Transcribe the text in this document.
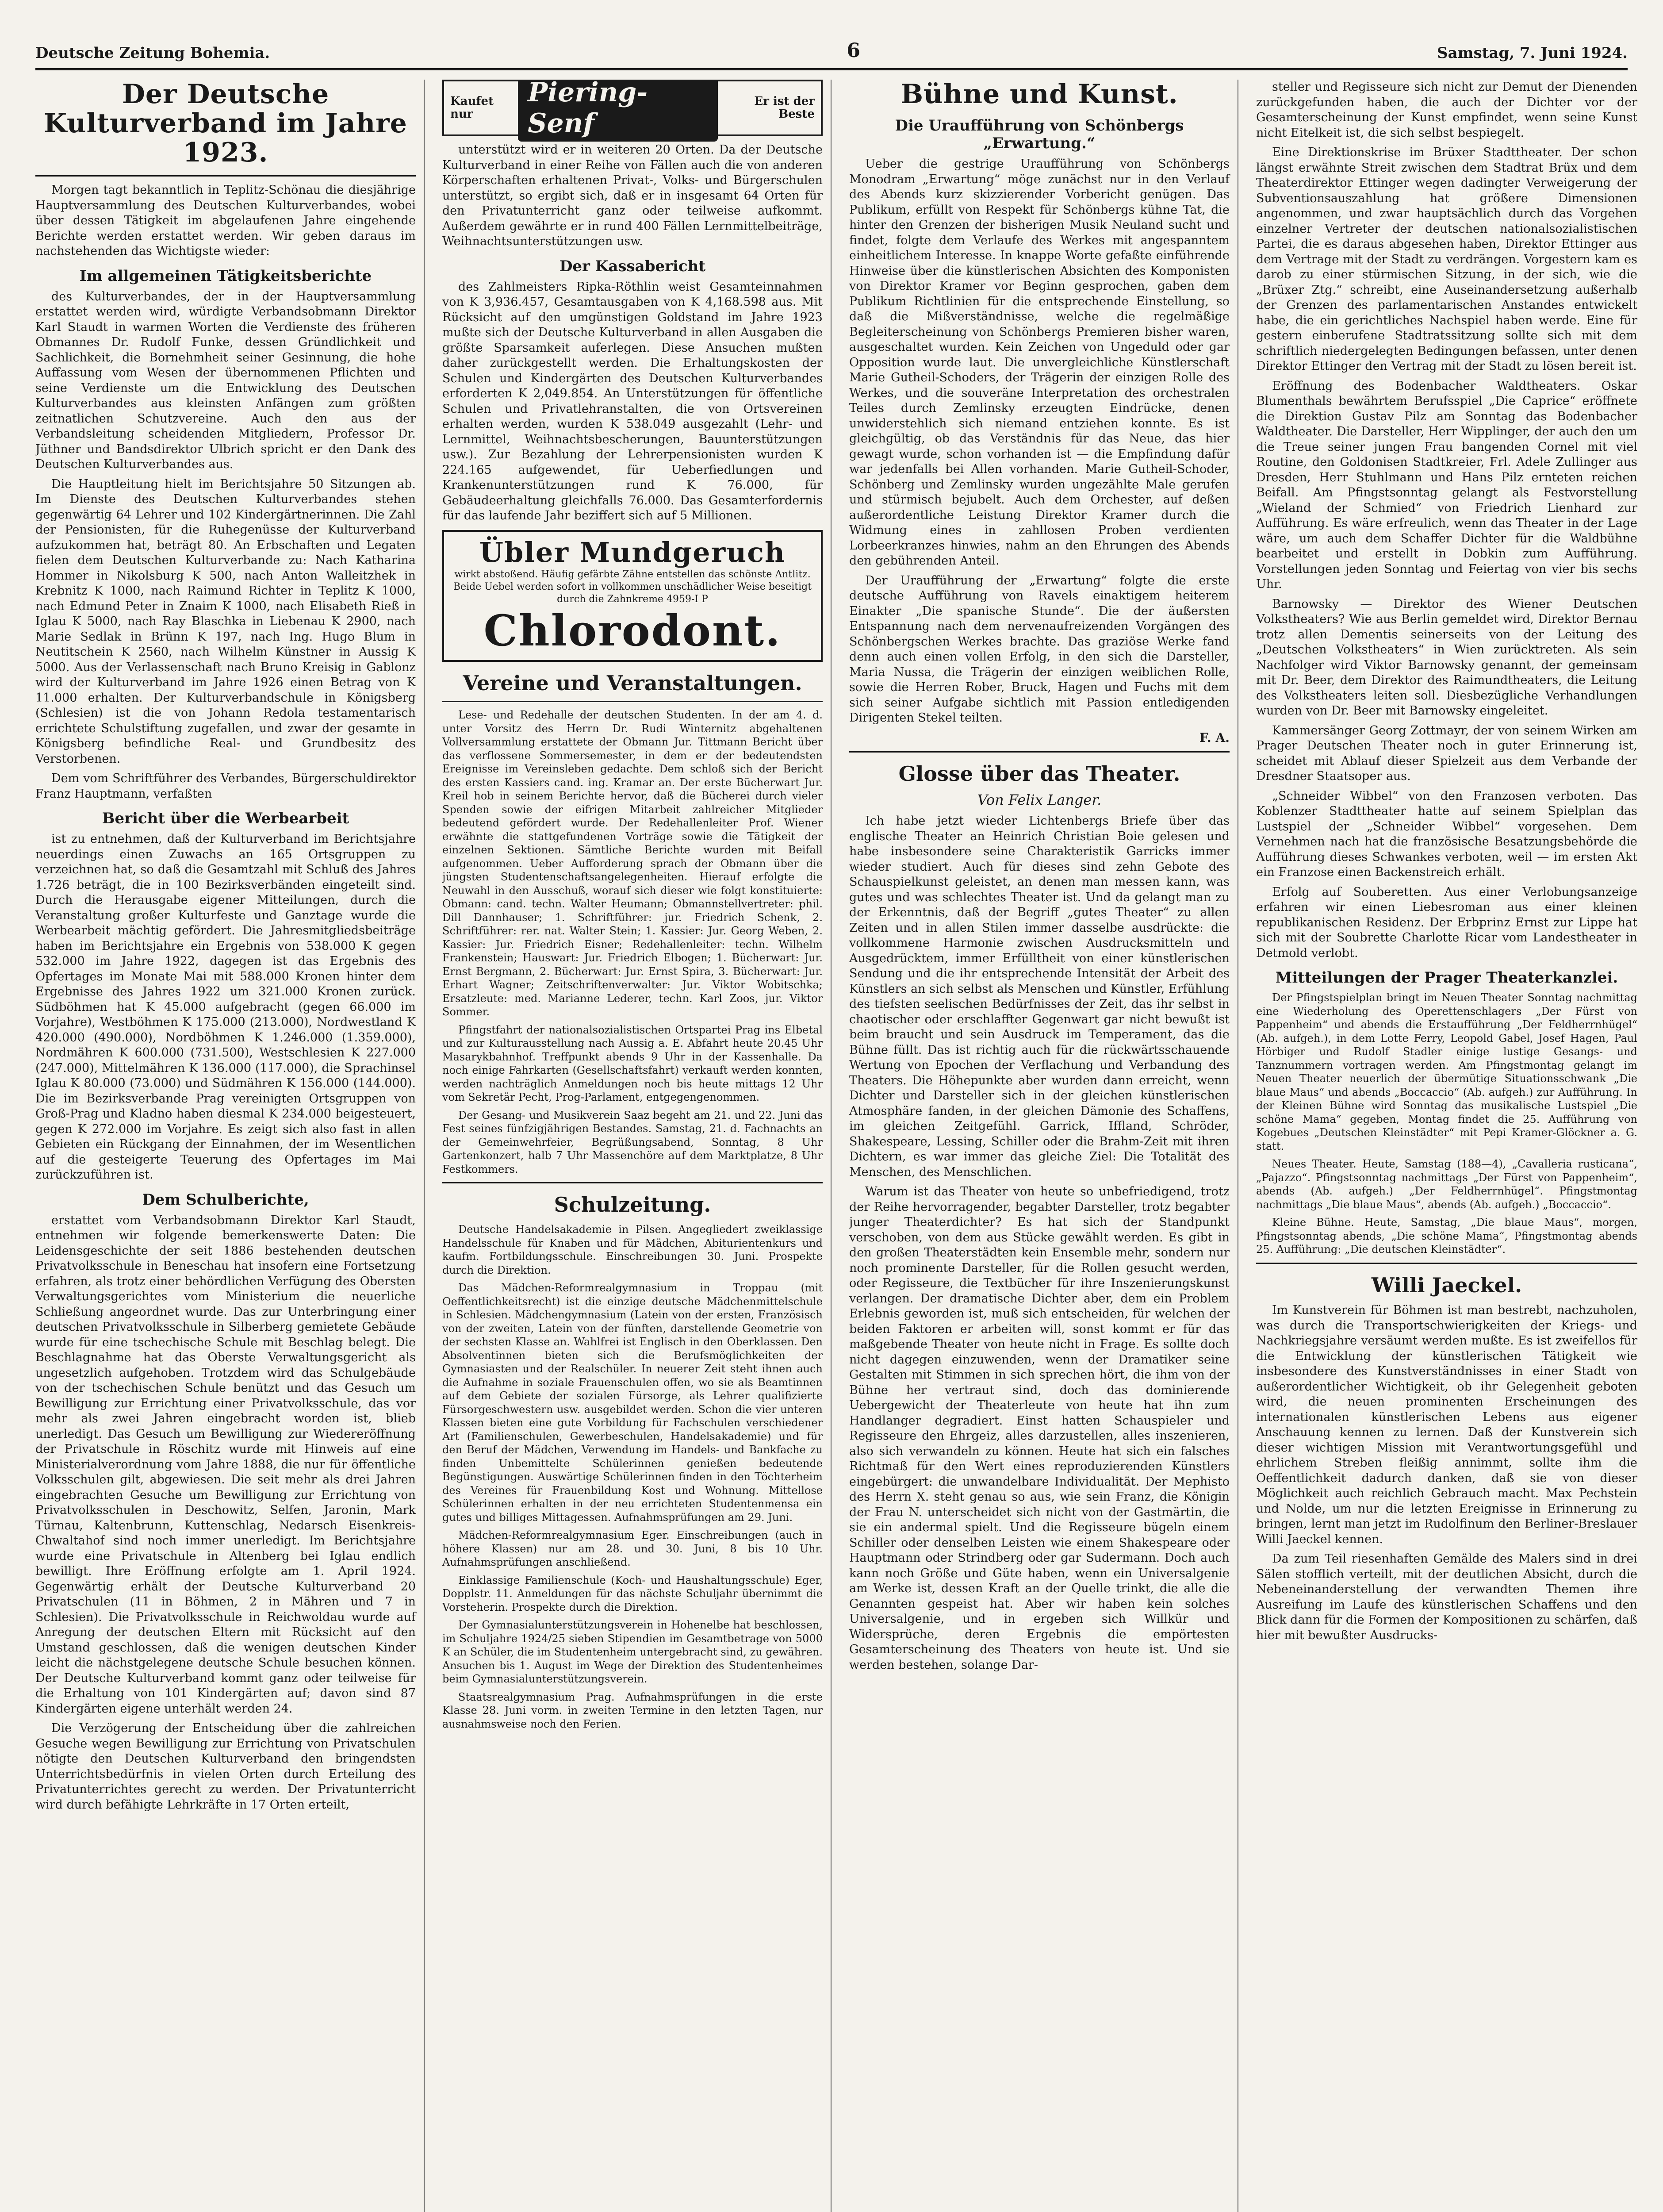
Deutsche Zeitung Bohemia.	6	Samstag, 7. Juni 1924.
Der Deutsche Kulturverband im Jahre 1923.

Morgen tagt bekanntlich in Teplitz-Schönau die diesjährige Hauptversammlung des Deutschen Kulturverbandes, wobei über dessen Tätigkeit im abgelaufenen Jahre eingehende Berichte werden erstattet werden. Wir geben daraus im nachstehenden das Wichtigste wieder:

Im allgemeinen Tätigkeitsberichte

des Kulturverbandes, der in der Hauptversammlung erstattet werden wird, würdigte Verbandsobmann Direktor Karl Staudt in warmen Worten die Verdienste des früheren Obmannes Dr. Rudolf Funke, dessen Gründlichkeit und Sachlichkeit, die Bornehmheit seiner Gesinnung, die hohe Auffassung vom Wesen der übernommenen Pflichten und seine Verdienste um die Entwicklung des Deutschen Kulturverbandes aus kleinsten Anfängen zum größten zeitnatlichen Schutzvereine. Auch den aus der Verbandsleitung scheidenden Mitgliedern, Professor Dr. Jüthner und Bandsdirektor Ulbrich spricht er den Dank des Deutschen Kulturverbandes aus.

Die Hauptleitung hielt im Berichtsjahre 50 Sitzungen ab. Im Dienste des Deutschen Kulturverbandes stehen gegenwärtig 64 Lehrer und 102 Kindergärtnerinnen. Die Zahl der Pensionisten, für die Ruhegenüsse der Kulturverband aufzukommen hat, beträgt 80. An Erbschaften und Legaten fielen dem Deutschen Kulturverbande zu: Nach Katharina Hommer in Nikolsburg K 500, nach Anton Walleitzhek in Krebnitz K 1000, nach Raimund Richter in Teplitz K 1000, nach Edmund Peter in Znaim K 1000, nach Elisabeth Rieß in Iglau K 5000, nach Ray Blaschka in Liebenau K 2900, nach Marie Sedlak in Brünn K 197, nach Ing. Hugo Blum in Neutitschein K 2560, nach Wilhelm Künstner in Aussig K 5000. Aus der Verlassenschaft nach Bruno Kreisig in Gablonz wird der Kulturverband im Jahre 1926 einen Betrag von K 11.000 erhalten. Der Kulturverbandschule in Königsberg (Schlesien) ist die von Johann Redola testamentarisch errichtete Schulstiftung zugefallen, und zwar der gesamte in Königsberg befindliche Real- und Grundbesitz des Verstorbenen.

Dem vom Schriftführer des Verbandes, Bürgerschuldirektor Franz Hauptmann, verfaßten

Bericht über die Werbearbeit

ist zu entnehmen, daß der Kulturverband im Berichtsjahre neuerdings einen Zuwachs an 165 Ortsgruppen zu verzeichnen hat, so daß die Gesamtzahl mit Schluß des Jahres 1.726 beträgt, die in 100 Bezirksverbänden eingeteilt sind. Durch die Herausgabe eigener Mitteilungen, durch die Veranstaltung großer Kulturfeste und Ganztage wurde die Werbearbeit mächtig gefördert. Die Jahresmitgliedsbeiträge haben im Berichtsjahre ein Ergebnis von 538.000 K gegen 532.000 im Jahre 1922, dagegen ist das Ergebnis des Opfertages im Monate Mai mit 588.000 Kronen hinter dem Ergebnisse des Jahres 1922 um 321.000 Kronen zurück. Südböhmen hat K 45.000 aufgebracht (gegen 66.000 im Vorjahre), Westböhmen K 175.000 (213.000), Nordwestland K 420.000 (490.000), Nordböhmen K 1.246.000 (1.359.000), Nordmähren K 600.000 (731.500), Westschlesien K 227.000 (247.000), Mittelmähren K 136.000 (117.000), die Sprachinsel Iglau K 80.000 (73.000) und Südmähren K 156.000 (144.000). Die im Bezirksverbande Prag vereinigten Ortsgruppen von Groß-Prag und Kladno haben diesmal K 234.000 beigesteuert, gegen K 272.000 im Vorjahre. Es zeigt sich also fast in allen Gebieten ein Rückgang der Einnahmen, der im Wesentlichen auf die gesteigerte Teuerung des Opfertages im Mai zurückzuführen ist.

Dem Schulberichte,

erstattet vom Verbandsobmann Direktor Karl Staudt, entnehmen wir folgende bemerkenswerte Daten: Die Leidensgeschichte der seit 1886 bestehenden deutschen Privatvolksschule in Beneschau hat insofern eine Fortsetzung erfahren, als trotz einer behördlichen Verfügung des Obersten Verwaltungsgerichtes vom Ministerium die neuerliche Schließung angeordnet wurde. Das zur Unterbringung einer deutschen Privatvolksschule in Silberberg gemietete Gebäude wurde für eine tschechische Schule mit Beschlag belegt. Die Beschlagnahme hat das Oberste Verwaltungsgericht als ungesetzlich aufgehoben. Trotzdem wird das Schulgebäude von der tschechischen Schule benützt und das Gesuch um Bewilligung zur Errichtung einer Privatvolksschule, das vor mehr als zwei Jahren eingebracht worden ist, blieb unerledigt. Das Gesuch um Bewilligung zur Wiedereröffnung der Privatschule in Röschitz wurde mit Hinweis auf eine Ministerialverordnung vom Jahre 1888, die nur für öffentliche Volksschulen gilt, abgewiesen. Die seit mehr als drei Jahren eingebrachten Gesuche um Bewilligung zur Errichtung von Privatvolksschulen in Deschowitz, Selfen, Jaronin, Mark Türnau, Kaltenbrunn, Kuttenschlag, Nedarsch Eisenkreis-Chwaltahof sind noch immer unerledigt. Im Berichtsjahre wurde eine Privatschule in Altenberg bei Iglau endlich bewilligt. Ihre Eröffnung erfolgte am 1. April 1924. Gegenwärtig erhält der Deutsche Kulturverband 20 Privatschulen (11 in Böhmen, 2 in Mähren und 7 in Schlesien). Die Privatvolksschule in Reichwoldau wurde auf Anregung der deutschen Eltern mit Rücksicht auf den Umstand geschlossen, daß die wenigen deutschen Kinder leicht die nächstgelegene deutsche Schule besuchen können. Der Deutsche Kulturverband kommt ganz oder teilweise für die Erhaltung von 101 Kindergärten auf; davon sind 87 Kindergärten eigene unterhält werden 24.

Die Verzögerung der Entscheidung über die zahlreichen Gesuche wegen Bewilligung zur Errichtung von Privatschulen nötigte den Deutschen Kulturverband den bringendsten Unterrichtsbedürfnis in vielen Orten durch Erteilung des Privatunterrichtes gerecht zu werden. Der Privatunterricht wird durch befähigte Lehrkräfte in 17 Orten erteilt,

Kaufet nur
Piering-Senf
Er ist der Beste

unterstützt wird er in weiteren 20 Orten. Da der Deutsche Kulturverband in einer Reihe von Fällen auch die von anderen Körperschaften erhaltenen Privat-, Volks- und Bürgerschulen unterstützt, so ergibt sich, daß er in insgesamt 64 Orten für den Privatunterricht ganz oder teilweise aufkommt. Außerdem gewährte er in rund 400 Fällen Lernmittelbeiträge, Weihnachtsunterstützungen usw.

Der Kassabericht

des Zahlmeisters Ripka-Röthlin weist Gesamteinnahmen von K 3,936.457, Gesamtausgaben von K 4,168.598 aus. Mit Rücksicht auf den umgünstigen Goldstand im Jahre 1923 mußte sich der Deutsche Kulturverband in allen Ausgaben die größte Sparsamkeit auferlegen. Diese Ansuchen mußten daher zurückgestellt werden. Die Erhaltungskosten der Schulen und Kindergärten des Deutschen Kulturverbandes erforderten K 2,049.854. An Unterstützungen für öffentliche Schulen und Privatlehranstalten, die von Ortsvereinen erhalten werden, wurden K 538.049 ausgezahlt (Lehr- und Lernmittel, Weihnachtsbescherungen, Bauunterstützungen usw.). Zur Bezahlung der Lehrerpensionisten wurden K 224.165 aufgewendet, für Ueberfiedlungen und Krankenunterstützungen rund K 76.000, für Gebäudeerhaltung gleichfalls 76.000. Das Gesamterfordernis für das laufende Jahr beziffert sich auf 5 Millionen.

Übler Mundgeruch
wirkt abstoßend. Häufig gefärbte Zähne entstellen das schönste Antlitz. Beide Uebel werden sofort in vollkommen unschädlicher Weise beseitigt durch die Zahnkreme 4959-I P
Chlorodont.
Vereine und Veranstaltungen.

Lese- und Redehalle der deutschen Studenten. In der am 4. d. unter Vorsitz des Herrn Dr. Rudi Winternitz abgehaltenen Vollversammlung erstattete der Obmann Jur. Tittmann Bericht über das verflossene Sommersemester, in dem er der bedeutendsten Ereignisse im Vereinsleben gedachte. Dem schloß sich der Bericht des ersten Kassiers cand. ing. Kramar an. Der erste Bücherwart Jur. Kreil hob in seinem Berichte hervor, daß die Bücherei durch vieler Spenden sowie der eifrigen Mitarbeit zahlreicher Mitglieder bedeutend gefördert wurde. Der Redehallenleiter Prof. Wiener erwähnte die stattgefundenen Vorträge sowie die Tätigkeit der einzelnen Sektionen. Sämtliche Berichte wurden mit Beifall aufgenommen. Ueber Aufforderung sprach der Obmann über die jüngsten Studentenschaftsangelegenheiten. Hierauf erfolgte die Neuwahl in den Ausschuß, worauf sich dieser wie folgt konstituierte: Obmann: cand. techn. Walter Heumann; Obmannstellvertreter: phil. Dill Dannhauser; 1. Schriftführer: jur. Friedrich Schenk, 2. Schriftführer: rer. nat. Walter Stein; 1. Kassier: Jur. Georg Weben, 2. Kassier: Jur. Friedrich Eisner; Redehallenleiter: techn. Wilhelm Frankenstein; Hauswart: Jur. Friedrich Elbogen; 1. Bücherwart: Jur. Ernst Bergmann, 2. Bücherwart: Jur. Ernst Spira, 3. Bücherwart: Jur. Erhart Wagner; Zeitschriftenverwalter: Jur. Viktor Wobitschka; Ersatzleute: med. Marianne Lederer, techn. Karl Zoos, jur. Viktor Sommer.

Pfingstfahrt der nationalsozialistischen Ortspartei Prag ins Elbetal und zur Kulturausstellung nach Aussig a. E. Abfahrt heute 20.45 Uhr Masarykbahnhof. Treffpunkt abends 9 Uhr in der Kassenhalle. Da noch einige Fahrkarten (Gesellschaftsfahrt) verkauft werden konnten, werden nachträglich Anmeldungen noch bis heute mittags 12 Uhr vom Sekretär Pecht, Prog-Parlament, entgegengenommen.

Der Gesang- und Musikverein Saaz begeht am 21. und 22. Juni das Fest seines fünfzigjährigen Bestandes. Samstag, 21. d. Fachnachts an der Gemeinwehrfeier, Begrüßungsabend, Sonntag, 8 Uhr Gartenkonzert, halb 7 Uhr Massenchöre auf dem Marktplatze, 8 Uhr Festkommers.

Schulzeitung.

Deutsche Handelsakademie in Pilsen. Angegliedert zweiklassige Handelsschule für Knaben und für Mädchen, Abiturientenkurs und kaufm. Fortbildungsschule. Einschreibungen 30. Juni. Prospekte durch die Direktion.

Das Mädchen-Reformrealgymnasium in Troppau (mit Oeffentlichkeitsrecht) ist die einzige deutsche Mädchenmittelschule in Schlesien. Mädchengymnasium (Latein von der ersten, Französisch von der zweiten, Latein von der fünften, darstellende Geometrie von der sechsten Klasse an. Wahlfrei ist Englisch in den Oberklassen. Den Absolventinnen bieten sich die Berufsmöglichkeiten der Gymnasiasten und der Realschüler. In neuerer Zeit steht ihnen auch die Aufnahme in soziale Frauenschulen offen, wo sie als Beamtinnen auf dem Gebiete der sozialen Fürsorge, als Lehrer qualifizierte Fürsorgeschwestern usw. ausgebildet werden. Schon die vier unteren Klassen bieten eine gute Vorbildung für Fachschulen verschiedener Art (Familienschulen, Gewerbeschulen, Handelsakademie) und für den Beruf der Mädchen, Verwendung im Handels- und Bankfache zu finden Unbemittelte Schülerinnen genießen bedeutende Begünstigungen. Auswärtige Schülerinnen finden in den Töchterheim des Vereines für Frauenbildung Kost und Wohnung. Mittellose Schülerinnen erhalten in der neu errichteten Studentenmensa ein gutes und billiges Mittagessen. Aufnahmsprüfungen am 29. Juni.

Mädchen-Reformrealgymnasium Eger. Einschreibungen (auch in höhere Klassen) nur am 28. und 30. Juni, 8 bis 10 Uhr. Aufnahmsprüfungen anschließend.

Einklassige Familienschule (Koch- und Haushaltungsschule) Eger, Dopplstr. 11. Anmeldungen für das nächste Schuljahr übernimmt die Vorsteherin. Prospekte durch die Direktion.

Der Gymnasialunterstützungsverein in Hohenelbe hat beschlossen, im Schuljahre 1924/25 sieben Stipendien im Gesamtbetrage von 5000 K an Schüler, die im Studentenheim untergebracht sind, zu gewähren. Ansuchen bis 1. August im Wege der Direktion des Studentenheimes beim Gymnasialunterstützungsverein.

Staatsrealgymnasium Prag. Aufnahmsprüfungen in die erste Klasse 28. Juni vorm. in zweiten Termine in den letzten Tagen, nur ausnahmsweise noch den Ferien.

Bühne und Kunst.
Die Uraufführung von Schönbergs „Erwartung.“

Ueber die gestrige Uraufführung von Schönbergs Monodram „Erwartung“ möge zunächst nur in den Verlauf des Abends kurz skizzierender Vorbericht genügen. Das Publikum, erfüllt von Respekt für Schönbergs kühne Tat, die hinter den Grenzen der bisherigen Musik Neuland sucht und findet, folgte dem Verlaufe des Werkes mit angespanntem einheitlichem Interesse. In knappe Worte gefaßte einführende Hinweise über die künstlerischen Absichten des Komponisten von Direktor Kramer vor Beginn gesprochen, gaben dem Publikum Richtlinien für die entsprechende Einstellung, so daß die Mißverständnisse, welche die regelmäßige Begleiterscheinung von Schönbergs Premieren bisher waren, ausgeschaltet wurden. Kein Zeichen von Ungeduld oder gar Opposition wurde laut. Die unvergleichliche Künstlerschaft Marie Gutheil-Schoders, der Trägerin der einzigen Rolle des Werkes, und die souveräne Interpretation des orchestralen Teiles durch Zemlinsky erzeugten Eindrücke, denen unwiderstehlich sich niemand entziehen konnte. Es ist gleichgültig, ob das Verständnis für das Neue, das hier gewagt wurde, schon vorhanden ist — die Empfindung dafür war jedenfalls bei Allen vorhanden. Marie Gutheil-Schoder, Schönberg und Zemlinsky wurden ungezählte Male gerufen und stürmisch bejubelt. Auch dem Orchester, auf deßen außerordentliche Leistung Direktor Kramer durch die Widmung eines in zahllosen Proben verdienten Lorbeerkranzes hinwies, nahm an den Ehrungen des Abends den gebührenden Anteil.

Der Uraufführung der „Erwartung“ folgte die erste deutsche Aufführung von Ravels einaktigem heiterem Einakter „Die spanische Stunde“. Die der äußersten Entspannung nach dem nervenaufreizenden Vorgängen des Schönbergschen Werkes brachte. Das graziöse Werke fand denn auch einen vollen Erfolg, in den sich die Darsteller, Maria Nussa, die Trägerin der einzigen weiblichen Rolle, sowie die Herren Rober, Bruck, Hagen und Fuchs mit dem sich seiner Aufgabe sichtlich mit Passion entledigenden Dirigenten Stekel teilten.

F. A.
Glosse über das Theater.
Von Felix Langer.

Ich habe jetzt wieder Lichtenbergs Briefe über das englische Theater an Heinrich Christian Boie gelesen und habe insbesondere seine Charakteristik Garricks immer wieder studiert. Auch für dieses sind zehn Gebote des Schauspielkunst geleistet, an denen man messen kann, was gutes und was schlechtes Theater ist. Und da gelangt man zu der Erkenntnis, daß der Begriff „gutes Theater“ zu allen Zeiten und in allen Stilen immer dasselbe ausdrückte: die vollkommene Harmonie zwischen Ausdrucksmitteln und Ausgedrücktem, immer Erfülltheit von einer künstlerischen Sendung und die ihr entsprechende Intensität der Arbeit des Künstlers an sich selbst als Menschen und Künstler, Erfühlung des tiefsten seelischen Bedürfnisses der Zeit, das ihr selbst in chaotischer oder erschlaffter Gegenwart gar nicht bewußt ist beim braucht und sein Ausdruck im Temperament, das die Bühne füllt. Das ist richtig auch für die rückwärtsschauende Wertung von Epochen der Verflachung und Verbandung des Theaters. Die Höhepunkte aber wurden dann erreicht, wenn Dichter und Darsteller sich in der gleichen künstlerischen Atmosphäre fanden, in der gleichen Dämonie des Schaffens, im gleichen Zeitgefühl. Garrick, Iffland, Schröder, Shakespeare, Lessing, Schiller oder die Brahm-Zeit mit ihren Dichtern, es war immer das gleiche Ziel: Die Totalität des Menschen, des Menschlichen.

Warum ist das Theater von heute so unbefriedigend, trotz der Reihe hervorragender, begabter Darsteller, trotz begabter junger Theaterdichter? Es hat sich der Standpunkt verschoben, von dem aus Stücke gewählt werden. Es gibt in den großen Theaterstädten kein Ensemble mehr, sondern nur noch prominente Darsteller, für die Rollen gesucht werden, oder Regisseure, die Textbücher für ihre Inszenierungskunst verlangen. Der dramatische Dichter aber, dem ein Problem Erlebnis geworden ist, muß sich entscheiden, für welchen der beiden Faktoren er arbeiten will, sonst kommt er für das maßgebende Theater von heute nicht in Frage. Es sollte doch nicht dagegen einzuwenden, wenn der Dramatiker seine Gestalten mit Stimmen in sich sprechen hört, die ihm von der Bühne her vertraut sind, doch das dominierende Uebergewicht der Theaterleute von heute hat ihn zum Handlanger degradiert. Einst hatten Schauspieler und Regisseure den Ehrgeiz, alles darzustellen, alles inszenieren, also sich verwandeln zu können. Heute hat sich ein falsches Richtmaß für den Wert eines reproduzierenden Künstlers eingebürgert: die unwandelbare Individualität. Der Mephisto des Herrn X. steht genau so aus, wie sein Franz, die Königin der Frau N. unterscheidet sich nicht von der Gastmärtin, die sie ein andermal spielt. Und die Regisseure bügeln einem Schiller oder denselben Leisten wie einem Shakespeare oder Hauptmann oder Strindberg oder gar Sudermann. Doch auch kann noch Größe und Güte haben, wenn ein Universalgenie am Werke ist, dessen Kraft an der Quelle trinkt, die alle die Genannten gespeist hat. Aber wir haben kein solches Universalgenie, und in ergeben sich Willkür und Widersprüche, deren Ergebnis die empörtesten Gesamterscheinung des Theaters von heute ist. Und sie werden bestehen, solange Dar-

steller und Regisseure sich nicht zur Demut der Dienenden zurückgefunden haben, die auch der Dichter vor der Gesamterscheinung der Kunst empfindet, wenn seine Kunst nicht Eitelkeit ist, die sich selbst bespiegelt.

Eine Direktionskrise im Brüxer Stadttheater. Der schon längst erwähnte Streit zwischen dem Stadtrat Brüx und dem Theaterdirektor Ettinger wegen dadingter Verweigerung der Subventionsauszahlung hat größere Dimensionen angenommen, und zwar hauptsächlich durch das Vorgehen einzelner Vertreter der deutschen nationalsozialistischen Partei, die es daraus abgesehen haben, Direktor Ettinger aus dem Vertrage mit der Stadt zu verdrängen. Vorgestern kam es darob zu einer stürmischen Sitzung, in der sich, wie die „Brüxer Ztg.“ schreibt, eine Auseinandersetzung außerhalb der Grenzen des parlamentarischen Anstandes entwickelt habe, die ein gerichtliches Nachspiel haben werde. Eine für gestern einberufene Stadtratssitzung sollte sich mit dem schriftlich niedergelegten Bedingungen befassen, unter denen Direktor Ettinger den Vertrag mit der Stadt zu lösen bereit ist.

Eröffnung des Bodenbacher Waldtheaters. Oskar Blumenthals bewährtem Berufsspiel „Die Caprice“ eröffnete die Direktion Gustav Pilz am Sonntag das Bodenbacher Waldtheater. Die Darsteller, Herr Wipplinger, der auch den um die Treue seiner jungen Frau bangenden Cornel mit viel Routine, den Goldonisen Stadtkreier, Frl. Adele Zullinger aus Dresden, Herr Stuhlmann und Hans Pilz ernteten reichen Beifall. Am Pfingstsonntag gelangt als Festvorstellung „Wieland der Schmied“ von Friedrich Lienhard zur Aufführung. Es wäre erfreulich, wenn das Theater in der Lage wäre, um auch dem Schaffer Dichter für die Waldbühne bearbeitet und erstellt in Dobkin zum Aufführung. Vorstellungen jeden Sonntag und Feiertag von vier bis sechs Uhr.

Barnowsky — Direktor des Wiener Deutschen Volkstheaters? Wie aus Berlin gemeldet wird, Direktor Bernau trotz allen Dementis seinerseits von der Leitung des „Deutschen Volkstheaters“ in Wien zurücktreten. Als sein Nachfolger wird Viktor Barnowsky genannt, der gemeinsam mit Dr. Beer, dem Direktor des Raimundtheaters, die Leitung des Volkstheaters leiten soll. Diesbezügliche Verhandlungen wurden von Dr. Beer mit Barnowsky eingeleitet.

Kammersänger Georg Zottmayr, der von seinem Wirken am Prager Deutschen Theater noch in guter Erinnerung ist, scheidet mit Ablauf dieser Spielzeit aus dem Verbande der Dresdner Staatsoper aus.

„Schneider Wibbel“ von den Franzosen verboten. Das Koblenzer Stadttheater hatte auf seinem Spielplan das Lustspiel der „Schneider Wibbel“ vorgesehen. Dem Vernehmen nach hat die französische Besatzungsbehörde die Aufführung dieses Schwankes verboten, weil — im ersten Akt ein Franzose einen Backenstreich erhält.

Erfolg auf Souberetten. Aus einer Verlobungsanzeige erfahren wir einen Liebesroman aus einer kleinen republikanischen Residenz. Der Erbprinz Ernst zur Lippe hat sich mit der Soubrette Charlotte Ricar vom Landestheater in Detmold verlobt.

Mitteilungen der Prager Theaterkanzlei.

Der Pfingstspielplan bringt im Neuen Theater Sonntag nachmittag eine Wiederholung des Operettenschlagers „Der Fürst von Pappenheim“ und abends die Erstaufführung „Der Feldherrnhügel“ (Ab. aufgeh.), in dem Lotte Ferry, Leopold Gabel, Josef Hagen, Paul Hörbiger und Rudolf Stadler einige lustige Gesangs- und Tanznummern vortragen werden. Am Pfingstmontag gelangt im Neuen Theater neuerlich der übermütige Situationsschwank „Die blaue Maus“ und abends „Boccaccio“ (Ab. aufgeh.) zur Aufführung. In der Kleinen Bühne wird Sonntag das musikalische Lustspiel „Die schöne Mama“ gegeben, Montag findet die 25. Aufführung von Kogebues „Deutschen Kleinstädter“ mit Pepi Kramer-Glöckner a. G. statt.

Neues Theater. Heute, Samstag (188—4), „Cavalleria rusticana“, „Pajazzo“. Pfingstsonntag nachmittags „Der Fürst von Pappenheim“, abends (Ab. aufgeh.) „Der Feldherrnhügel“. Pfingstmontag nachmittags „Die blaue Maus“, abends (Ab. aufgeh.) „Boccaccio“.

Kleine Bühne. Heute, Samstag, „Die blaue Maus“, morgen, Pfingstsonntag abends, „Die schöne Mama“, Pfingstmontag abends 25. Aufführung: „Die deutschen Kleinstädter“.

Willi Jaeckel.

Im Kunstverein für Böhmen ist man bestrebt, nachzuholen, was durch die Transportschwierigkeiten der Kriegs- und Nachkriegsjahre versäumt werden mußte. Es ist zweifellos für die Entwicklung der künstlerischen Tätigkeit wie insbesondere des Kunstverständnisses in einer Stadt von außerordentlicher Wichtigkeit, ob ihr Gelegenheit geboten wird, die neuen prominenten Erscheinungen des internationalen künstlerischen Lebens aus eigener Anschauung kennen zu lernen. Daß der Kunstverein sich dieser wichtigen Mission mit Verantwortungsgefühl und ehrlichem Streben fleißig annimmt, sollte ihm die Oeffentlichkeit dadurch danken, daß sie von dieser Möglichkeit auch reichlich Gebrauch macht. Max Pechstein und Nolde, um nur die letzten Ereignisse in Erinnerung zu bringen, lernt man jetzt im Rudolfinum den Berliner-Breslauer Willi Jaeckel kennen.

Da zum Teil riesenhaften Gemälde des Malers sind in drei Sälen stofflich verteilt, mit der deutlichen Absicht, durch die Nebeneinanderstellung der verwandten Themen ihre Ausreifung im Laufe des künstlerischen Schaffens und den Blick dann für die Formen der Kompositionen zu schärfen, daß hier mit bewußter Ausdrucks-
